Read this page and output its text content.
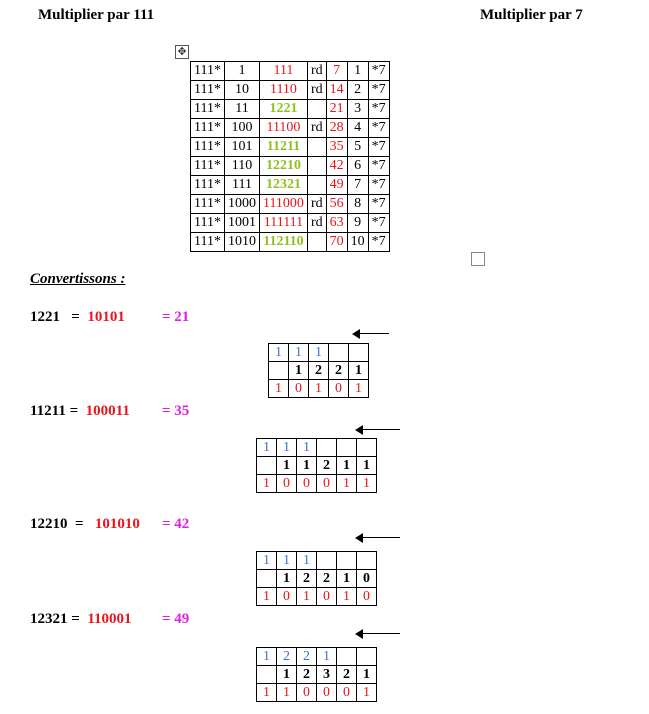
Multiplier par 111	Multiplier par 7
✥
111*	1	111	rd	7	1	*7
111*	10	1110	rd	14	2	*7
111*	11	1221		21	3	*7
111*	100	11100	rd	28	4	*7
111*	101	11211		35	5	*7
111*	110	12210		42	6	*7
111*	111	12321		49	7	*7
111*	1000	111000	rd	56	8	*7
111*	1001	111111	rd	63	9	*7
111*	1010	112110		70	10	*7
Convertissons :
1221 = 10101 = 21
1	1	1		
	1	2	2	1
1	0	1	0	1
11211 = 100011 = 35
1	1	1			
	1	1	2	1	1
1	0	0	0	1	1
12210 = 101010 = 42
1	1	1			
	1	2	2	1	0
1	0	1	0	1	0
12321 = 110001 = 49
1	2	2	1		
	1	2	3	2	1
1	1	0	0	0	1
